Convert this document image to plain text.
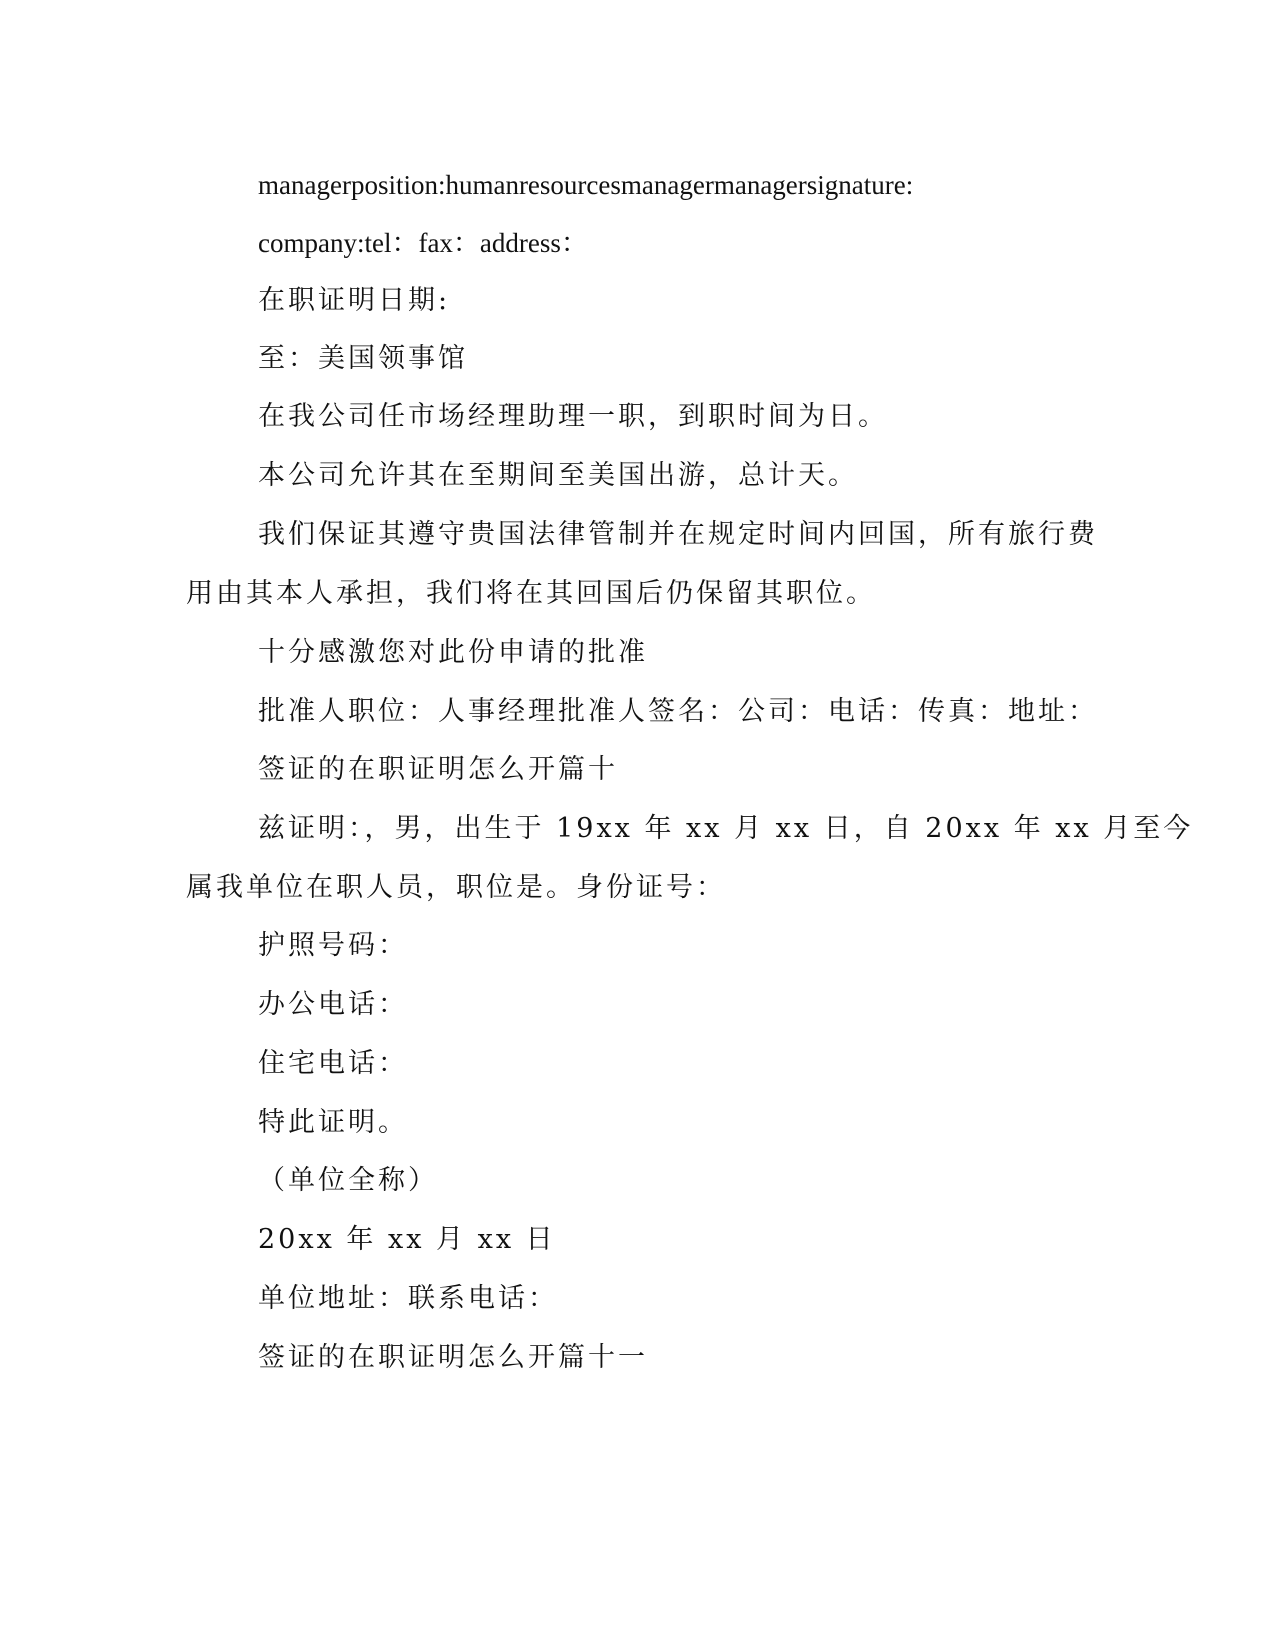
managerposition:humanresourcesmanagermanagersignature:
company:tel：fax：address：
在职证明日期:
至：美国领事馆
在我公司任市场经理助理一职，到职时间为日。
本公司允许其在至期间至美国出游，总计天。
我们保证其遵守贵国法律管制并在规定时间内回国，所有旅行费
用由其本人承担，我们将在其回国后仍保留其职位。
十分感激您对此份申请的批准
批准人职位：人事经理批准人签名：公司：电话：传真：地址：
签证的在职证明怎么开篇十
兹证明：，男，出生于 19xx 年 xx 月 xx 日，自 20xx 年 xx 月至今
属我单位在职人员，职位是。身份证号：
护照号码：
办公电话：
住宅电话：
特此证明。
（单位全称）
20xx 年 xx 月 xx 日
单位地址：联系电话：
签证的在职证明怎么开篇十一
